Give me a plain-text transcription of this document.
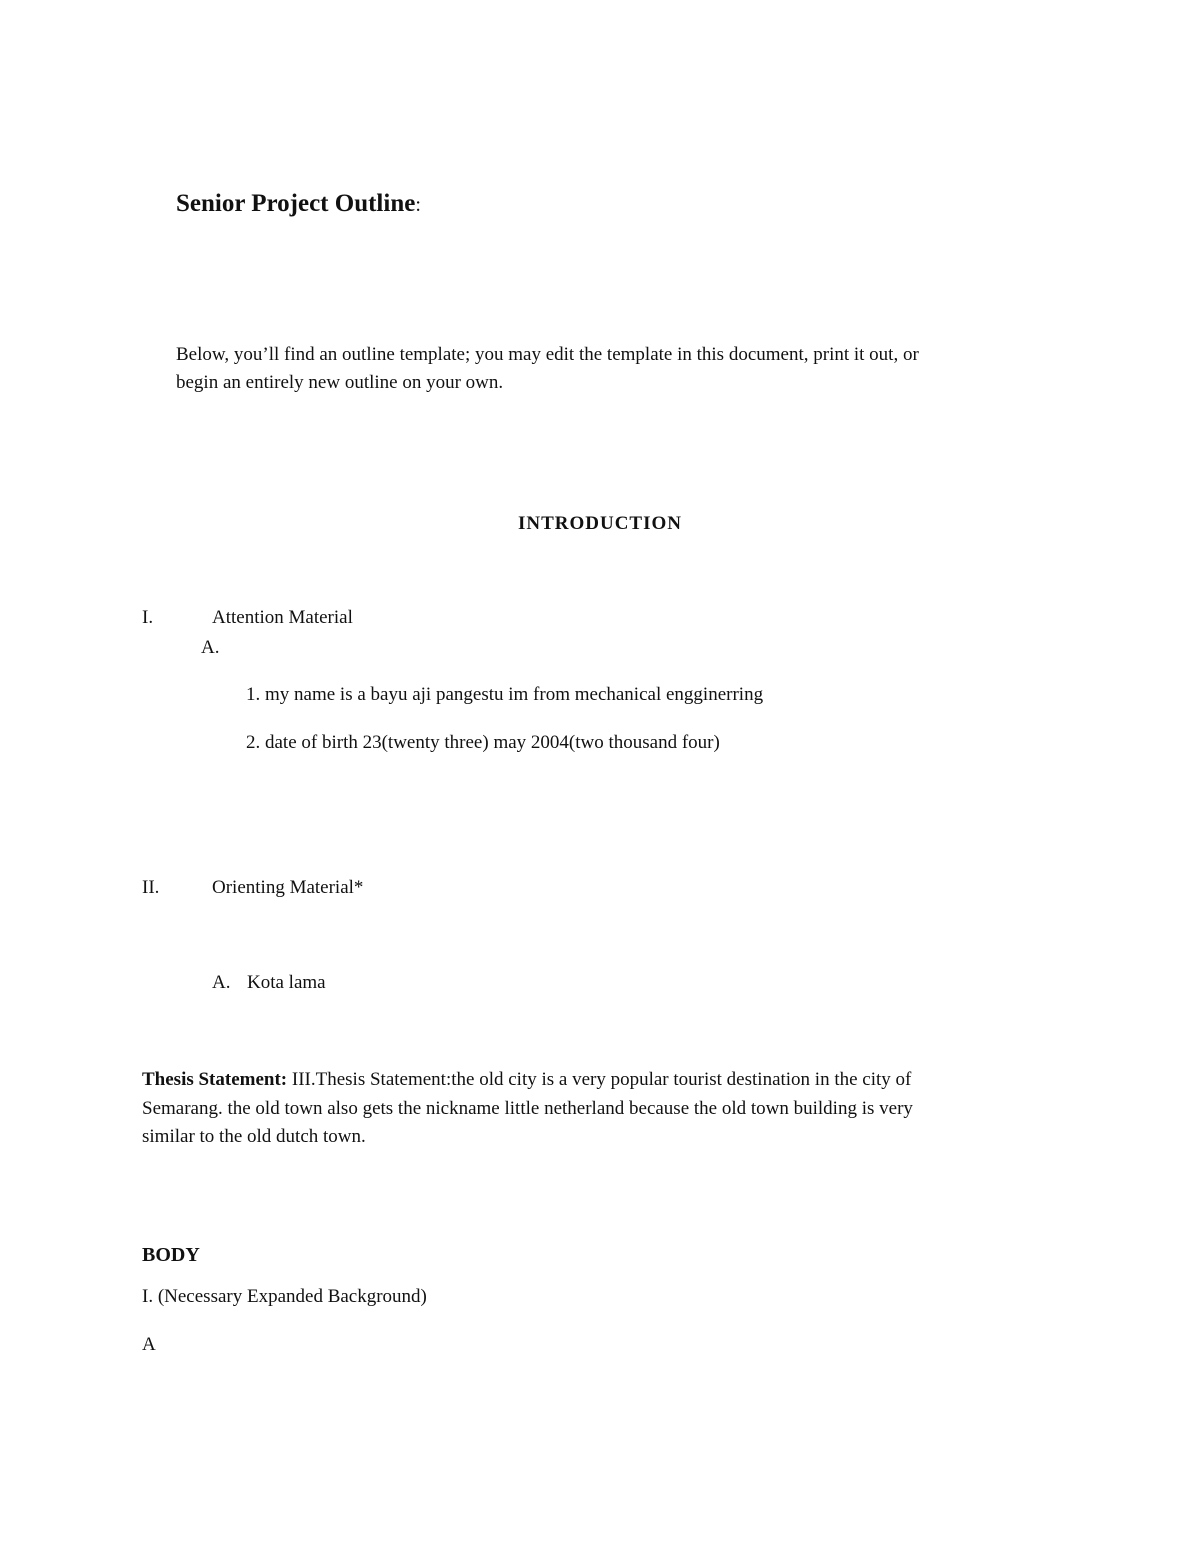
Senior Project Outline:
Below, you’ll find an outline template; you may edit the template in this document, print it out, or
begin an entirely new outline on your own.
INTRODUCTION
I.	Attention Material
A.
1. my name is a bayu aji pangestu im from mechanical engginerring
2. date of birth 23(twenty three) may 2004(two thousand four)
II.	Orienting Material*
A. Kota lama
Thesis Statement: III.Thesis Statement:the old city is a very popular tourist destination in the city of
Semarang. the old town also gets the nickname little netherland because the old town building is very
similar to the old dutch town.
BODY
I. (Necessary Expanded Background)
A
